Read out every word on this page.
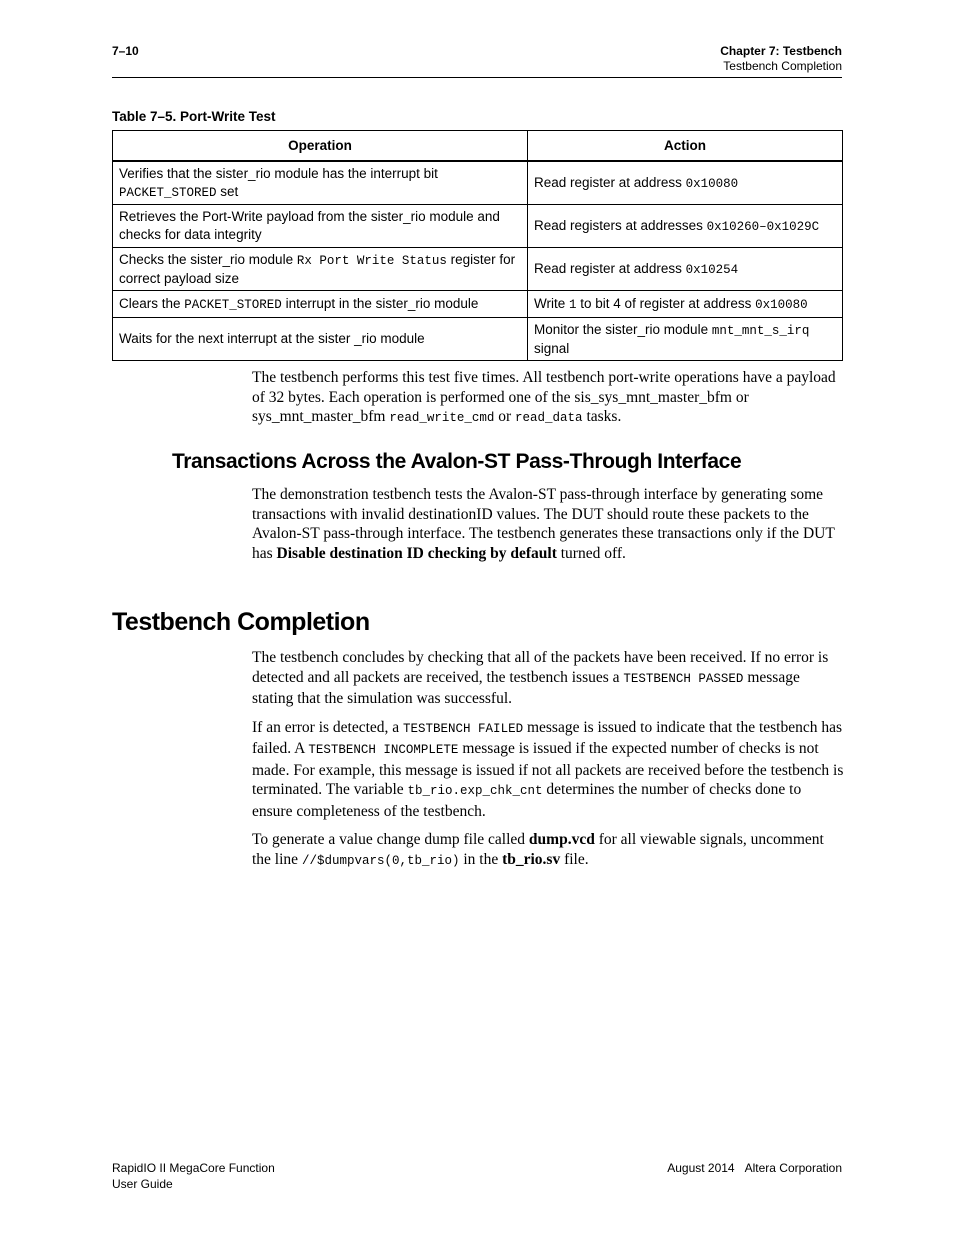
7–10	Chapter 7: Testbench
Testbench Completion
Table 7–5. Port-Write Test
Operation	Action
Verifies that the sister_rio module has the interrupt bit PACKET_STORED set	Read register at address 0x10080
Retrieves the Port-Write payload from the sister_rio module and checks for data integrity	Read registers at addresses 0x10260–0x1029C
Checks the sister_rio module Rx Port Write Status register for correct payload size	Read register at address 0x10254
Clears the PACKET_STORED interrupt in the sister_rio module	Write 1 to bit 4 of register at address 0x10080
Waits for the next interrupt at the sister _rio module	Monitor the sister_rio module mnt_mnt_s_irq signal

The testbench performs this test five times. All testbench port-write operations have a payload of 32 bytes. Each operation is performed one of the sis_sys_mnt_master_bfm or sys_mnt_master_bfm read_write_cmd or read_data tasks.

Transactions Across the Avalon-ST Pass-Through Interface

The demonstration testbench tests the Avalon-ST pass-through interface by generating some transactions with invalid destinationID values. The DUT should route these packets to the Avalon-ST pass-through interface. The testbench generates these transactions only if the DUT has Disable destination ID checking by default turned off.

Testbench Completion

The testbench concludes by checking that all of the packets have been received. If no error is detected and all packets are received, the testbench issues a TESTBENCH PASSED message stating that the simulation was successful.

If an error is detected, a TESTBENCH FAILED message is issued to indicate that the testbench has failed. A TESTBENCH INCOMPLETE message is issued if the expected number of checks is not made. For example, this message is issued if not all packets are received before the testbench is terminated. The variable tb_rio.exp_chk_cnt determines the number of checks done to ensure completeness of the testbench.

To generate a value change dump file called dump.vcd for all viewable signals, uncomment the line //$dumpvars(0,tb_rio) in the tb_rio.sv file.

RapidIO II MegaCore Function
User Guide
August 2014 Altera Corporation
